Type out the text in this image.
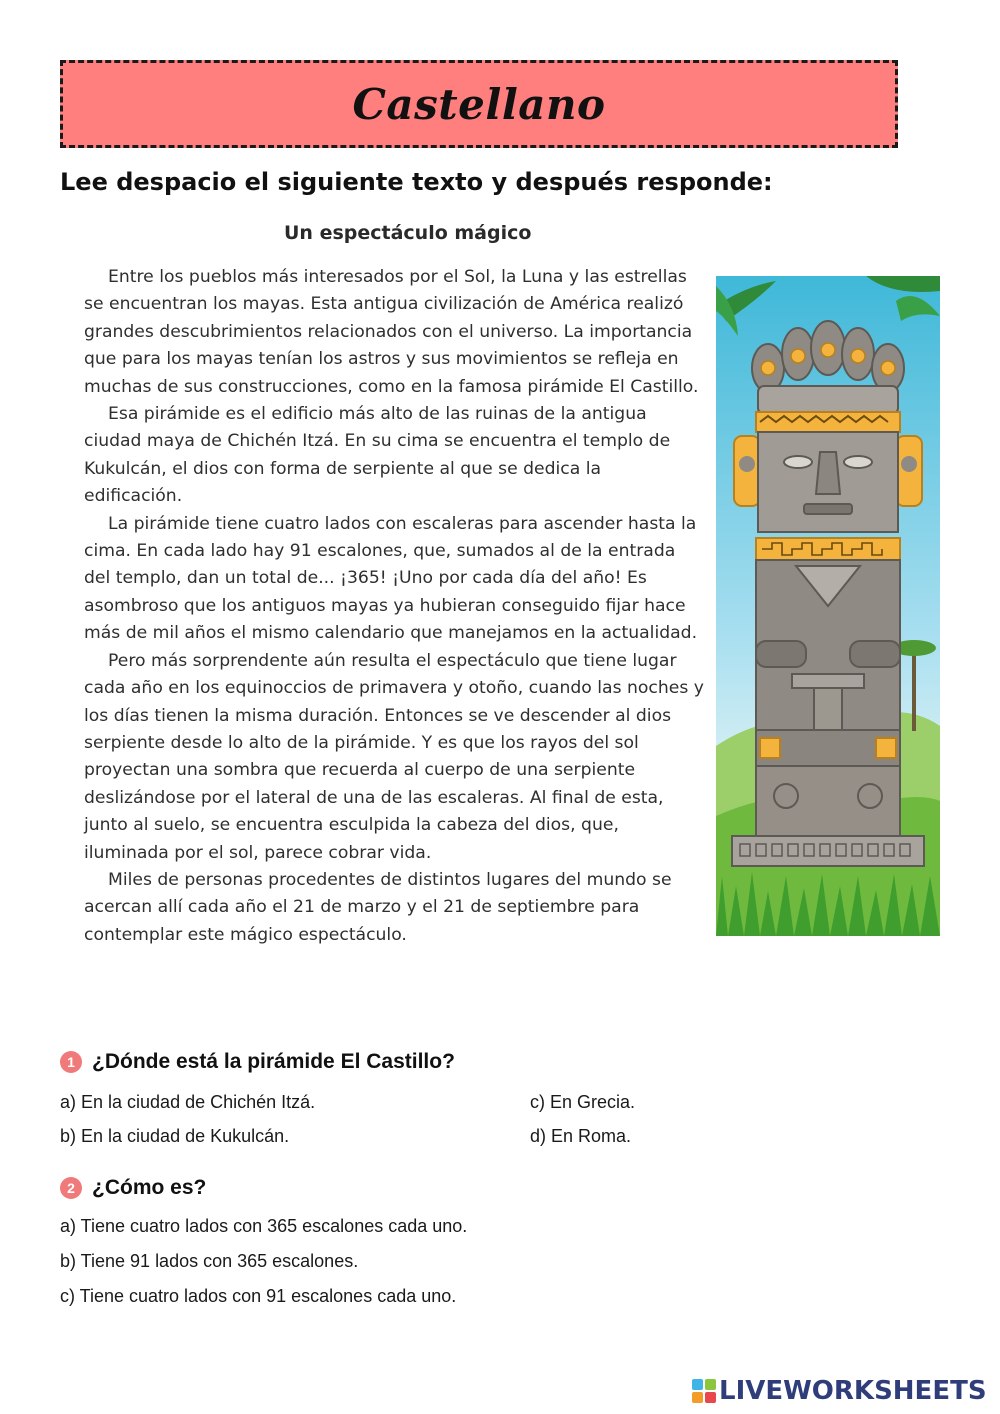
Castellano
Lee despacio el siguiente texto y después responde:
Un espectáculo mágico

Entre los pueblos más interesados por el Sol, la Luna y las estrellas se encuentran los mayas. Esta antigua civilización de América realizó grandes descubrimientos relacionados con el universo. La importancia que para los mayas tenían los astros y sus movimientos se refleja en muchas de sus construcciones, como en la famosa pirámide El Castillo.

Esa pirámide es el edificio más alto de las ruinas de la antigua ciudad maya de Chichén Itzá. En su cima se encuentra el templo de Kukulcán, el dios con forma de serpiente al que se dedica la edificación.

La pirámide tiene cuatro lados con escaleras para ascender hasta la cima. En cada lado hay 91 escalones, que, sumados al de la entrada del templo, dan un total de... ¡365! ¡Uno por cada día del año! Es asombroso que los antiguos mayas ya hubieran conseguido fijar hace más de mil años el mismo calendario que manejamos en la actualidad.

Pero más sorprendente aún resulta el espectáculo que tiene lugar cada año en los equinoccios de primavera y otoño, cuando las noches y los días tienen la misma duración. Entonces se ve descender al dios serpiente desde lo alto de la pirámide. Y es que los rayos del sol proyectan una sombra que recuerda al cuerpo de una serpiente deslizándose por el lateral de una de las escaleras. Al final de esta, junto al suelo, se encuentra esculpida la cabeza del dios, que, iluminada por el sol, parece cobrar vida.

Miles de personas procedentes de distintos lugares del mundo se acercan allí cada año el 21 de marzo y el 21 de septiembre para contemplar este mágico espectáculo.

1 ¿Dónde está la pirámide El Castillo?
a) En la ciudad de Chichén Itzá.	c) En Grecia.
b) En la ciudad de Kukulcán.	d) En Roma.
2 ¿Cómo es?
a) Tiene cuatro lados con 365 escalones cada uno.
b) Tiene 91 lados con 365 escalones.
c) Tiene cuatro lados con 91 escalones cada uno.
LIVEWORKSHEETS
